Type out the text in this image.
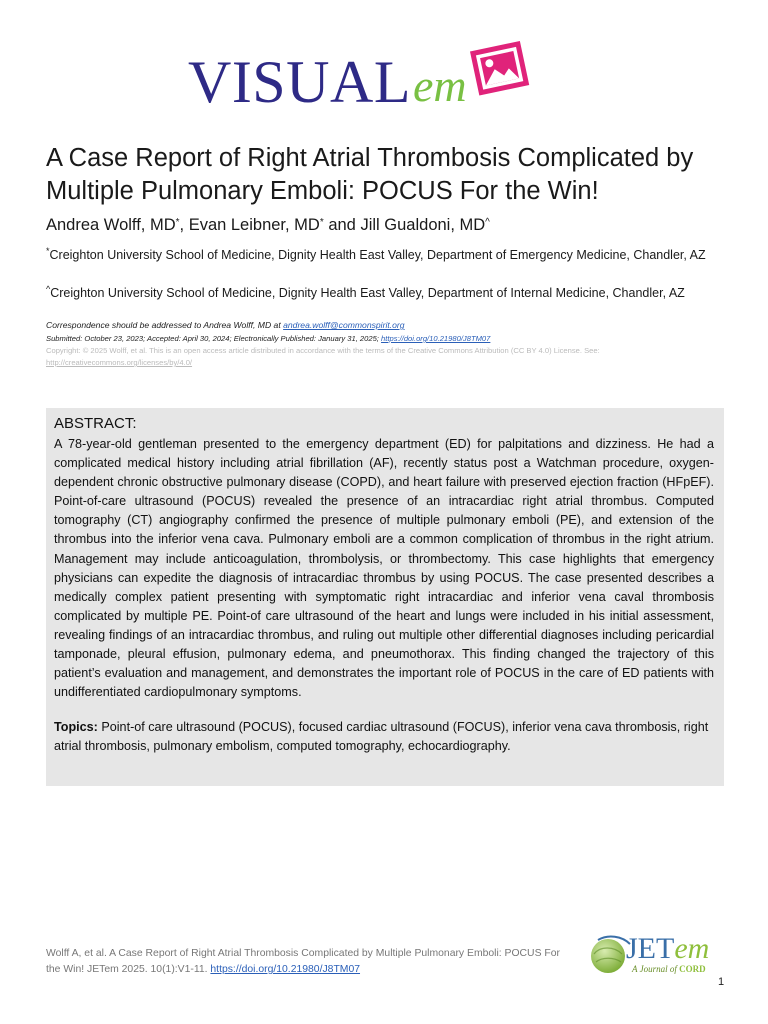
VISUAL em
A Case Report of Right Atrial Thrombosis Complicated by Multiple Pulmonary Emboli: POCUS For the Win!
Andrea Wolff, MD*, Evan Leibner, MD* and Jill Gualdoni, MD^
*Creighton University School of Medicine, Dignity Health East Valley, Department of Emergency Medicine, Chandler, AZ
^Creighton University School of Medicine, Dignity Health East Valley, Department of Internal Medicine, Chandler, AZ
Correspondence should be addressed to Andrea Wolff, MD at andrea.wolff@commonspirit.org
Submitted: October 23, 2023; Accepted: April 30, 2024; Electronically Published: January 31, 2025; https://doi.org/10.21980/J8TM07
Copyright: © 2025 Wolff, et al. This is an open access article distributed in accordance with the terms of the Creative Commons Attribution (CC BY 4.0) License. See: http://creativecommons.org/licenses/by/4.0/
ABSTRACT:

A 78-year-old gentleman presented to the emergency department (ED) for palpitations and dizziness. He had a complicated medical history including atrial fibrillation (AF), recently status post a Watchman procedure, oxygen-dependent chronic obstructive pulmonary disease (COPD), and heart failure with preserved ejection fraction (HFpEF). Point-of-care ultrasound (POCUS) revealed the presence of an intracardiac right atrial thrombus. Computed tomography (CT) angiography confirmed the presence of multiple pulmonary emboli (PE), and extension of the thrombus into the inferior vena cava. Pulmonary emboli are a common complication of thrombus in the right atrium. Management may include anticoagulation, thrombolysis, or thrombectomy. This case highlights that emergency physicians can expedite the diagnosis of intracardiac thrombus by using POCUS. The case presented describes a medically complex patient presenting with symptomatic right intracardiac and inferior vena caval thrombosis complicated by multiple PE. Point-of care ultrasound of the heart and lungs were included in his initial assessment, revealing findings of an intracardiac thrombus, and ruling out multiple other differential diagnoses including pericardial tamponade, pleural effusion, pulmonary edema, and pneumothorax. This finding changed the trajectory of this patient’s evaluation and management, and demonstrates the important role of POCUS in the care of ED patients with undifferentiated cardiopulmonary symptoms.

Topics: Point-of care ultrasound (POCUS), focused cardiac ultrasound (FOCUS), inferior vena cava thrombosis, right atrial thrombosis, pulmonary embolism, computed tomography, echocardiography.

Wolff A, et al. A Case Report of Right Atrial Thrombosis Complicated by Multiple Pulmonary Emboli: POCUS For the Win! JETem 2025. 10(1):V1-11. https://doi.org/10.21980/J8TM07
JETem
A Journal of CORD
1
